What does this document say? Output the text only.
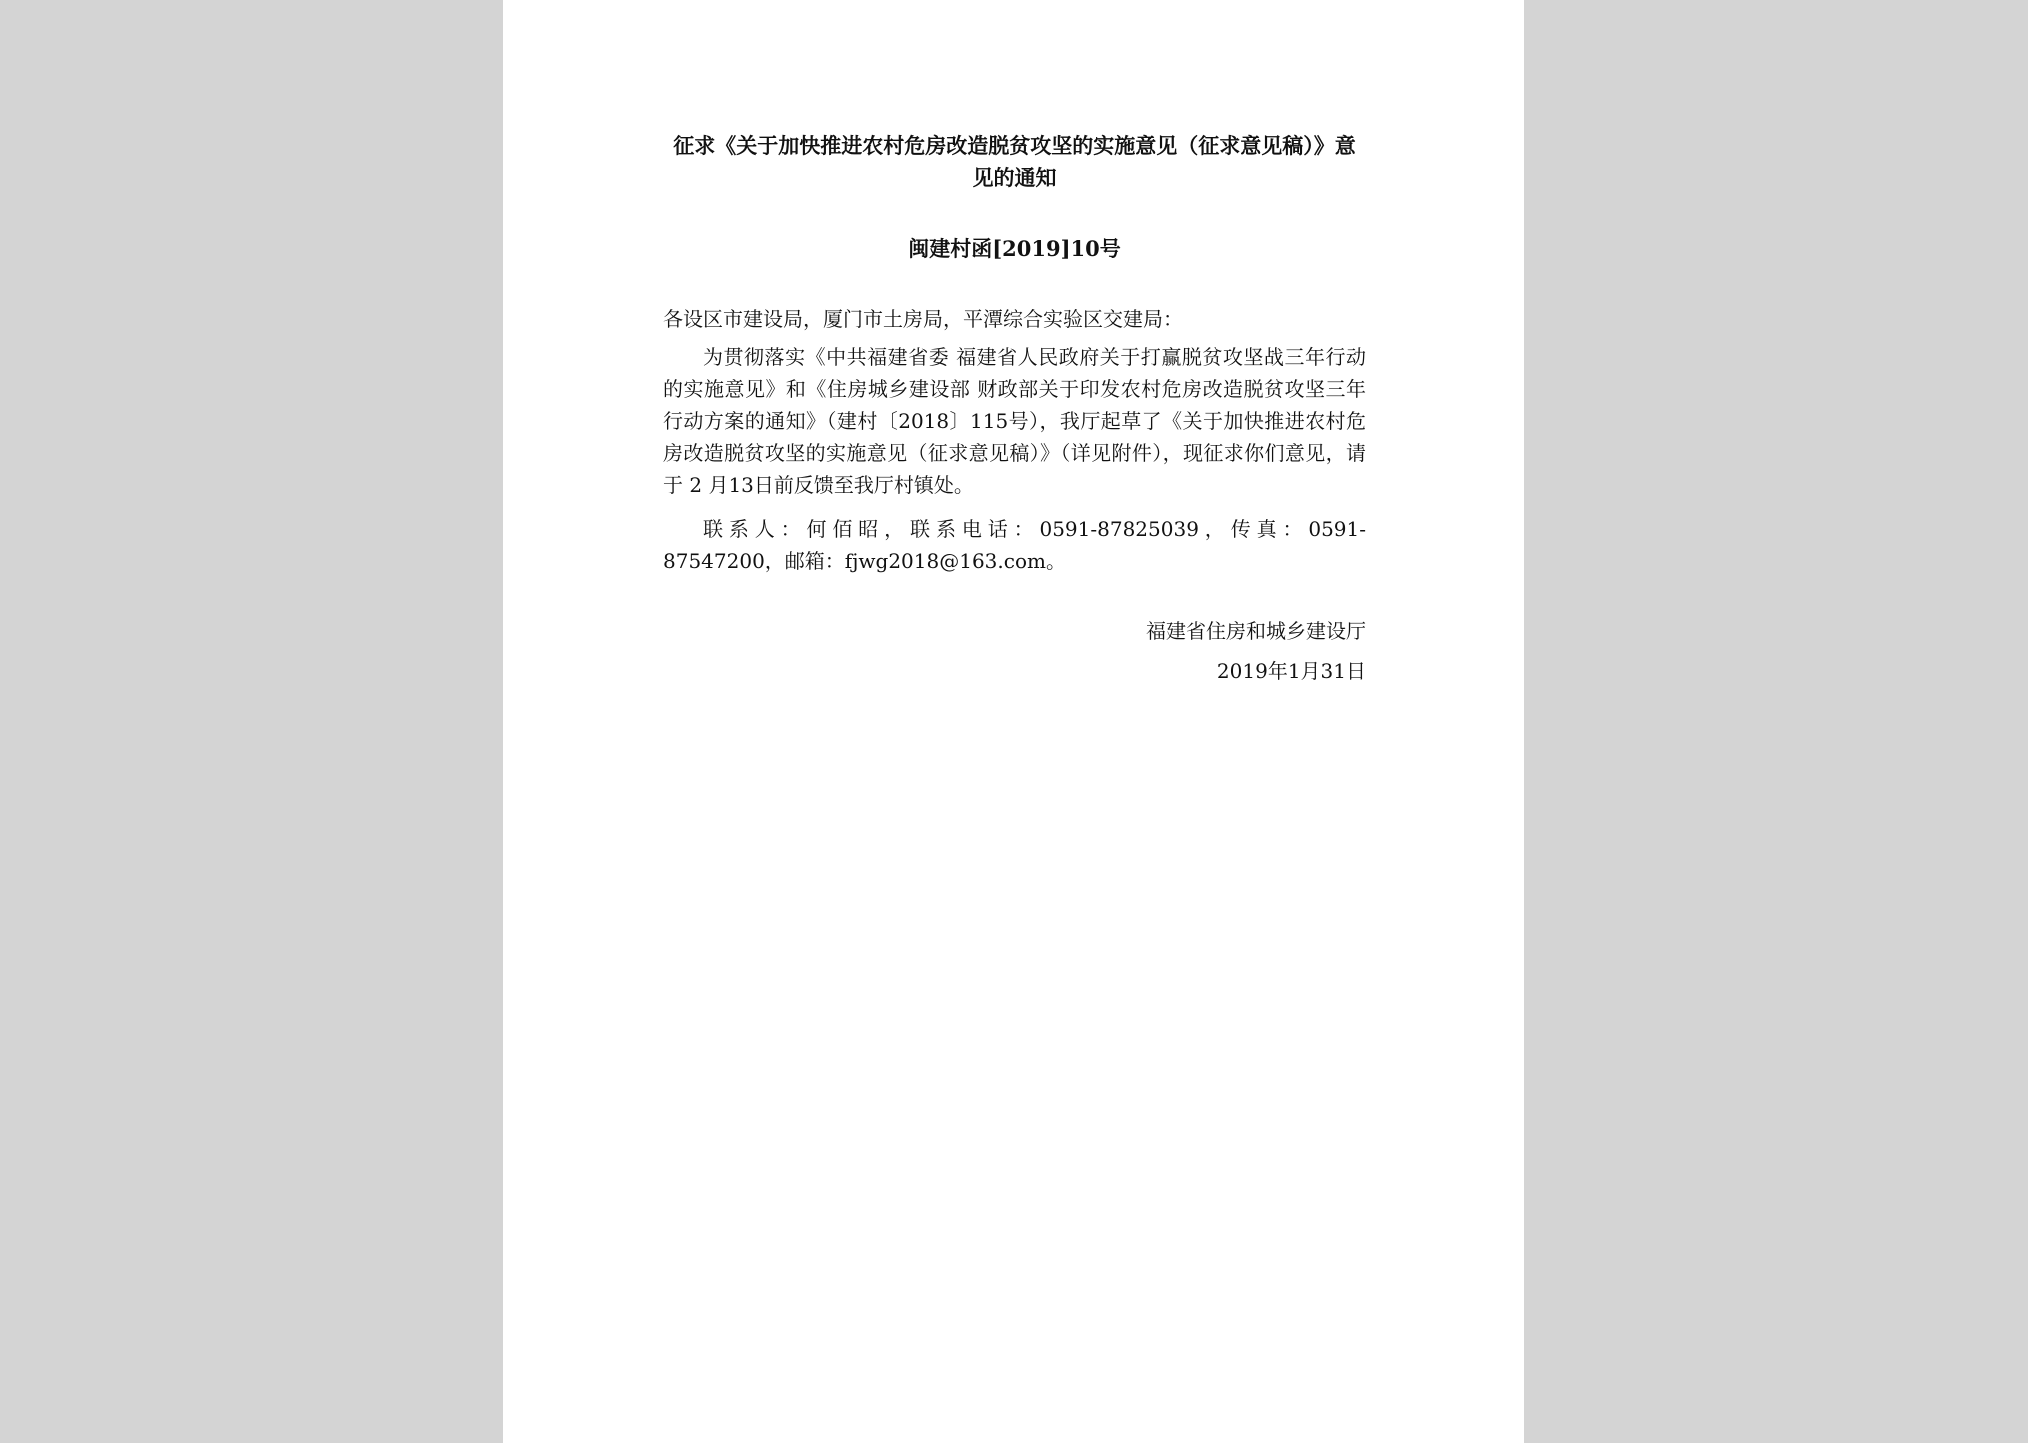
征求《关于加快推进农村危房改造脱贫攻坚的实施意见（征求意见稿）》意见的通知

闽建村函[2019]10号

各设区市建设局，厦门市土房局，平潭综合实验区交建局：

为贯彻落实《中共福建省委 福建省人民政府关于打赢脱贫攻坚战三年行动的实施意见》和《住房城乡建设部 财政部关于印发农村危房改造脱贫攻坚三年行动方案的通知》（建村〔2018〕115号），我厅起草了《关于加快推进农村危房改造脱贫攻坚的实施意见（征求意见稿）》（详见附件），现征求你们意见，请于 2 月13日前反馈至我厅村镇处。

联系人：何佰昭，联系电话：0591-87825039，传真：0591-87547200，邮箱：fjwg2018@163.com。

福建省住房和城乡建设厅

2019年1月31日
